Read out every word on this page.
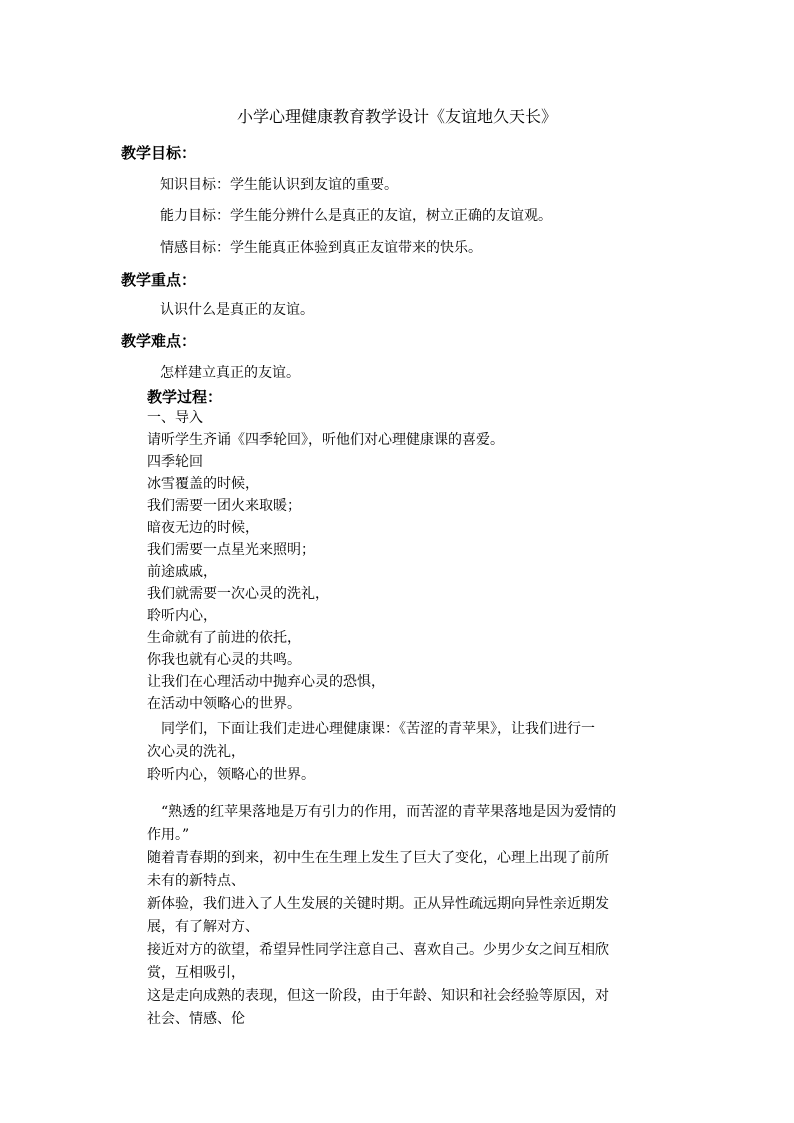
小学心理健康教育教学设计《友谊地久天长》
教学目标：
知识目标：学生能认识到友谊的重要。
能力目标：学生能分辨什么是真正的友谊，树立正确的友谊观。
情感目标：学生能真正体验到真正友谊带来的快乐。
教学重点：
认识什么是真正的友谊。
教学难点：
怎样建立真正的友谊。
教学过程：
一、导入
请听学生齐诵《四季轮回》，听他们对心理健康课的喜爱。
四季轮回
冰雪覆盖的时候，
我们需要一团火来取暖；
暗夜无边的时候，
我们需要一点星光来照明；
前途戚戚，
我们就需要一次心灵的洗礼，
聆听内心，
生命就有了前进的依托，
你我也就有心灵的共鸣。
让我们在心理活动中抛弃心灵的恐惧，
在活动中领略心的世界。
　同学们，下面让我们走进心理健康课：《苦涩的青苹果》，让我们进行一
次心灵的洗礼，
聆听内心，领略心的世界。
　“熟透的红苹果落地是万有引力的作用，而苦涩的青苹果落地是因为爱情的
作用。”
随着青春期的到来，初中生在生理上发生了巨大了变化，心理上出现了前所
未有的新特点、
新体验，我们进入了人生发展的关键时期。正从异性疏远期向异性亲近期发
展，有了解对方、
接近对方的欲望，希望异性同学注意自己、喜欢自己。少男少女之间互相欣
赏，互相吸引，
这是走向成熟的表现，但这一阶段，由于年龄、知识和社会经验等原因，对
社会、情感、伦
